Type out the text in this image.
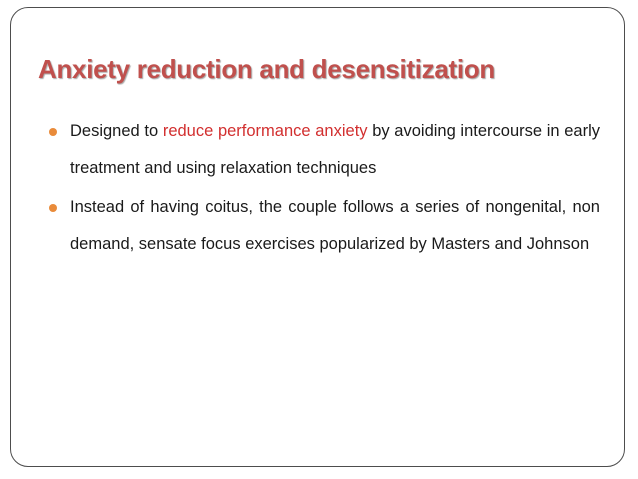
Anxiety reduction and desensitization
Designed to reduce performance anxiety by avoiding intercourse in early treatment and using relaxation techniques
Instead of having coitus, the couple follows a series of nongenital, non demand, sensate focus exercises popularized by Masters and Johnson
